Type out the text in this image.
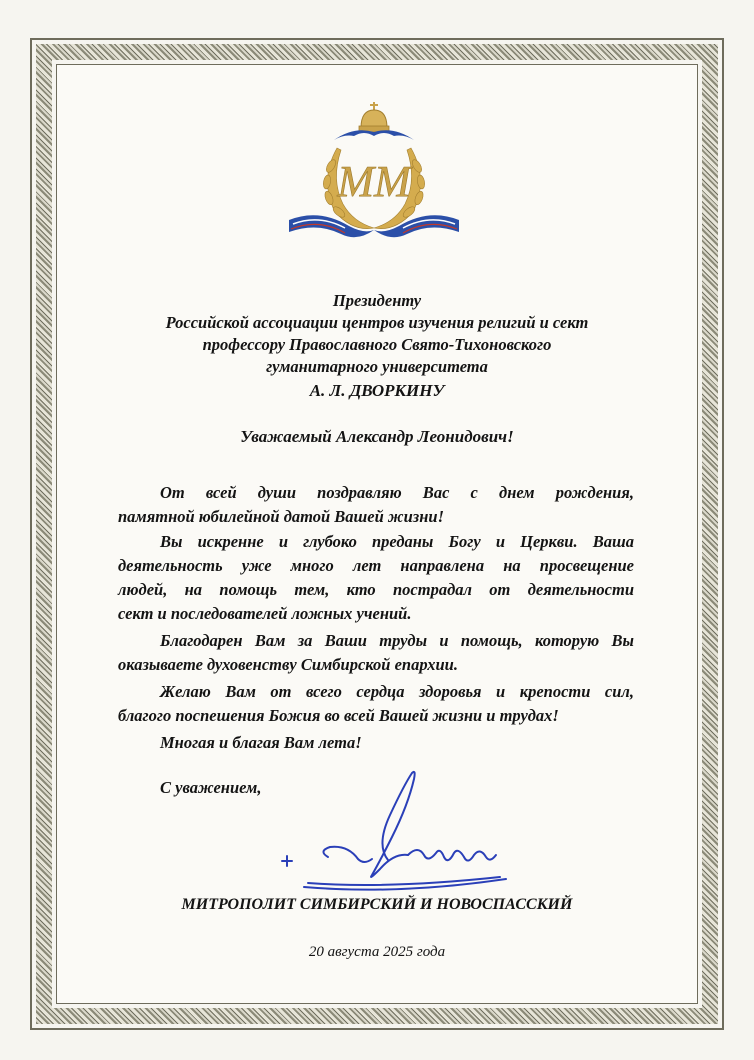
ММ
Президенту
Российской ассоциации центров изучения религий и сект
профессору Православного Свято-Тихоновского
гуманитарного университета
А. Л. ДВОРКИНУ
Уважаемый Александр Леонидович!
От всей души поздравляю Вас с днем рождения,
памятной юбилейной датой Вашей жизни!
Вы искренне и глубоко преданы Богу и Церкви. Ваша
деятельность уже много лет направлена на просвещение
людей, на помощь тем, кто пострадал от деятельности
сект и последователей ложных учений.
Благодарен Вам за Ваши труды и помощь, которую Вы
оказываете духовенству Симбирской епархии.
Желаю Вам от всего сердца здоровья и крепости сил,
благого поспешения Божия во всей Вашей жизни и трудах!
Многая и благая Вам лета!
С уважением,
МИТРОПОЛИТ СИМБИРСКИЙ И НОВОСПАССКИЙ
20 августа 2025 года
